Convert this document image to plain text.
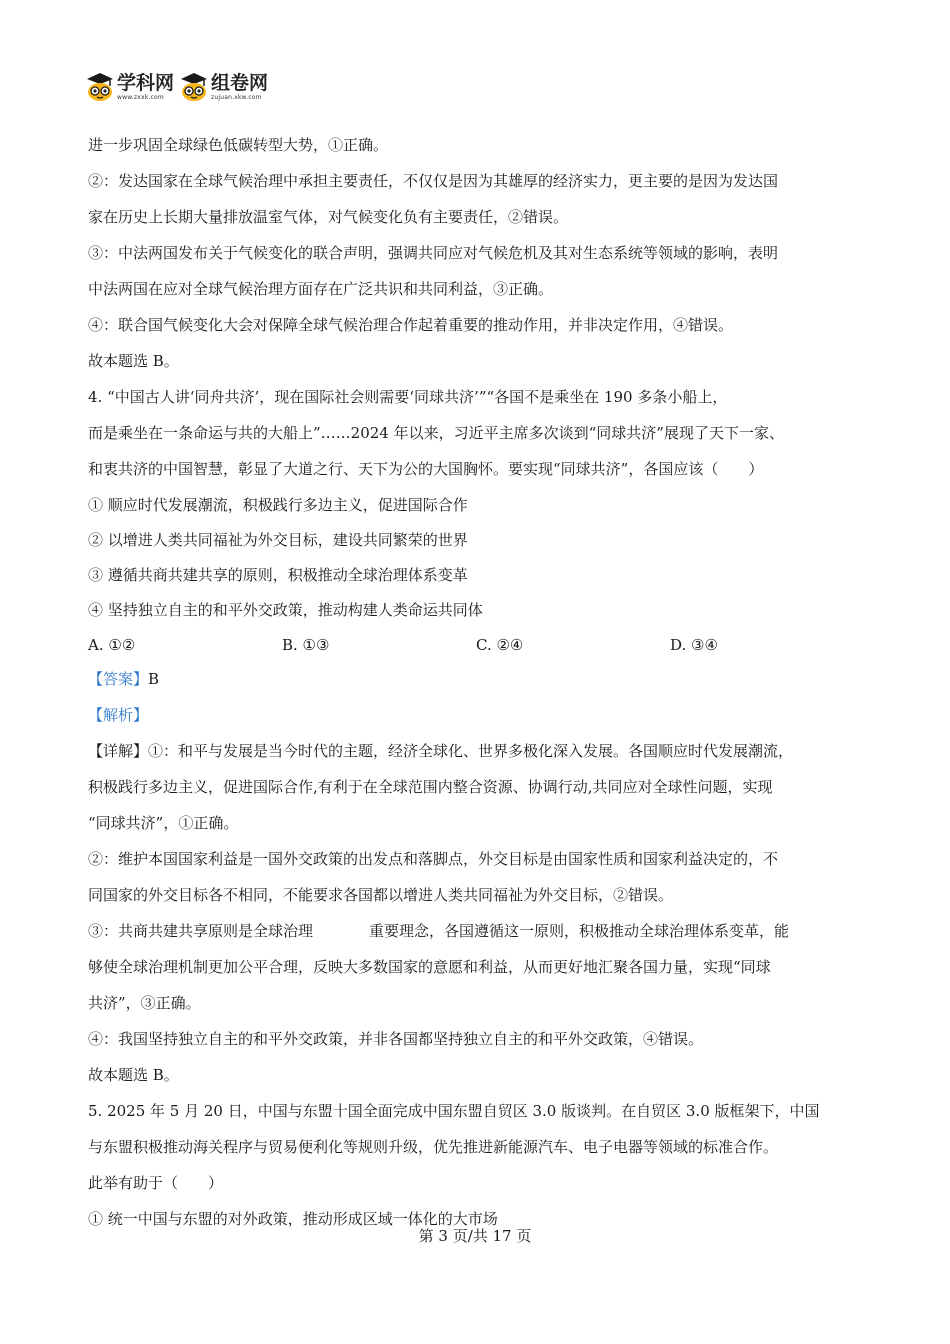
学科网
www.zxxk.com
组卷网
zujuan.xkw.com
进一步巩固全球绿色低碳转型大势，①正确。
②：发达国家在全球气候治理中承担主要责任，不仅仅是因为其雄厚的经济实力，更主要的是因为发达国
家在历史上长期大量排放温室气体，对气候变化负有主要责任，②错误。
③：中法两国发布关于气候变化的联合声明，强调共同应对气候危机及其对生态系统等领域的影响，表明
中法两国在应对全球气候治理方面存在广泛共识和共同利益，③正确。
④：联合国气候变化大会对保障全球气候治理合作起着重要的推动作用，并非决定作用，④错误。
故本题选 B。
4. “中国古人讲‘同舟共济’，现在国际社会则需要‘同球共济’”“各国不是乘坐在 190 多条小船上，
而是乘坐在一条命运与共的大船上”……2024 年以来，习近平主席多次谈到“同球共济”展现了天下一家、
和衷共济的中国智慧，彰显了大道之行、天下为公的大国胸怀。要实现“同球共济”，各国应该（　　）
① 顺应时代发展潮流，积极践行多边主义，促进国际合作
② 以增进人类共同福祉为外交目标，建设共同繁荣的世界
③ 遵循共商共建共享的原则，积极推动全球治理体系变革
④ 坚持独立自主的和平外交政策，推动构建人类命运共同体
A. ①②	B. ①③	C. ②④	D. ③④
【答案】B
【解析】
【详解】①：和平与发展是当今时代的主题，经济全球化、世界多极化深入发展。各国顺应时代发展潮流，
积极践行多边主义，促进国际合作,有利于在全球范围内整合资源、协调行动,共同应对全球性问题，实现
“同球共济”，①正确。
②：维护本国国家利益是一国外交政策的出发点和落脚点，外交目标是由国家性质和国家利益决定的，不
同国家的外交目标各不相同，不能要求各国都以增进人类共同福祉为外交目标，②错误。
③：共商共建共享原则是全球治理	重要理念，各国遵循这一原则，积极推动全球治理体系变革，能
够使全球治理机制更加公平合理，反映大多数国家的意愿和利益，从而更好地汇聚各国力量，实现“同球
共济”，③正确。
④：我国坚持独立自主的和平外交政策，并非各国都坚持独立自主的和平外交政策，④错误。
故本题选 B。
5. 2025 年 5 月 20 日，中国与东盟十国全面完成中国东盟自贸区 3.0 版谈判。在自贸区 3.0 版框架下，中国
与东盟积极推动海关程序与贸易便利化等规则升级，优先推进新能源汽车、电子电器等领域的标准合作。
此举有助于（　　）
① 统一中国与东盟的对外政策，推动形成区域一体化的大市场
第 3 页/共 17 页
